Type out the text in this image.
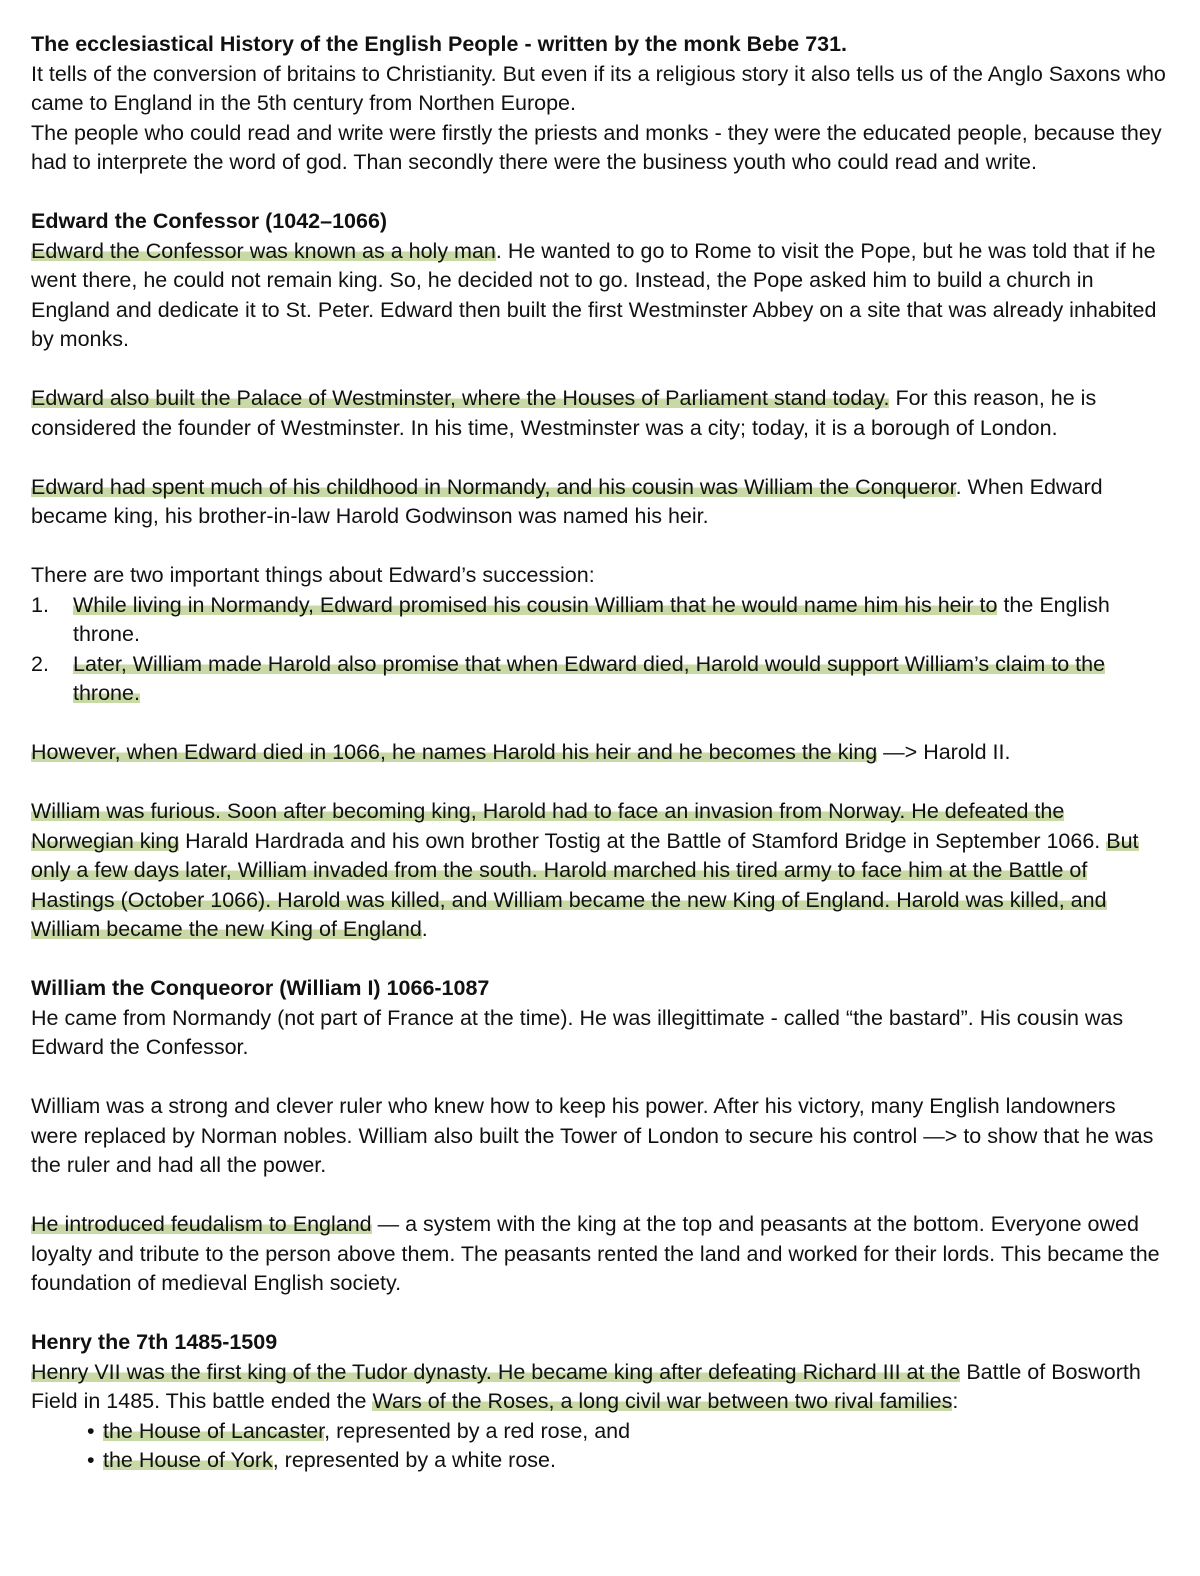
The ecclesiastical History of the English People - written by the monk Bebe 731.

It tells of the conversion of britains to Christianity. But even if its a religious story it also tells us of the Anglo Saxons who came to England in the 5th century from Northen Europe.

The people who could read and write were firstly the priests and monks - they were the educated people, because they had to interprete the word of god. Than secondly there were the business youth who could read and write.

Edward the Confessor (1042–1066)

Edward the Confessor was known as a holy man. He wanted to go to Rome to visit the Pope, but he was told that if he went there, he could not remain king. So, he decided not to go. Instead, the Pope asked him to build a church in England and dedicate it to St. Peter. Edward then built the first Westminster Abbey on a site that was already inhabited by monks.

Edward also built the Palace of Westminster, where the Houses of Parliament stand today. For this reason, he is considered the founder of Westminster. In his time, Westminster was a city; today, it is a borough of London.

Edward had spent much of his childhood in Normandy, and his cousin was William the Conqueror. When Edward became king, his brother-in-law Harold Godwinson was named his heir.

There are two important things about Edward’s succession:

1. While living in Normandy, Edward promised his cousin William that he would name him his heir to the English throne.
2. Later, William made Harold also promise that when Edward died, Harold would support William’s claim to the throne.

However, when Edward died in 1066, he names Harold his heir and he becomes the king —> Harold II.

William was furious. Soon after becoming king, Harold had to face an invasion from Norway. He defeated the Norwegian king Harald Hardrada and his own brother Tostig at the Battle of Stamford Bridge in September 1066. But only a few days later, William invaded from the south. Harold marched his tired army to face him at the Battle of Hastings (October 1066). Harold was killed, and William became the new King of England. Harold was killed, and William became the new King of England.

William the Conqueoror (William I) 1066-1087

He came from Normandy (not part of France at the time). He was illegittimate - called “the bastard”. His cousin was Edward the Confessor.

William was a strong and clever ruler who knew how to keep his power. After his victory, many English landowners were replaced by Norman nobles. William also built the Tower of London to secure his control —> to show that he was the ruler and had all the power.

He introduced feudalism to England — a system with the king at the top and peasants at the bottom. Everyone owed loyalty and tribute to the person above them. The peasants rented the land and worked for their lords. This became the foundation of medieval English society.

Henry the 7th 1485-1509

Henry VII was the first king of the Tudor dynasty. He became king after defeating Richard III at the Battle of Bosworth Field in 1485. This battle ended the Wars of the Roses, a long civil war between two rival families:

• the House of Lancaster, represented by a red rose, and
• the House of York, represented by a white rose.
